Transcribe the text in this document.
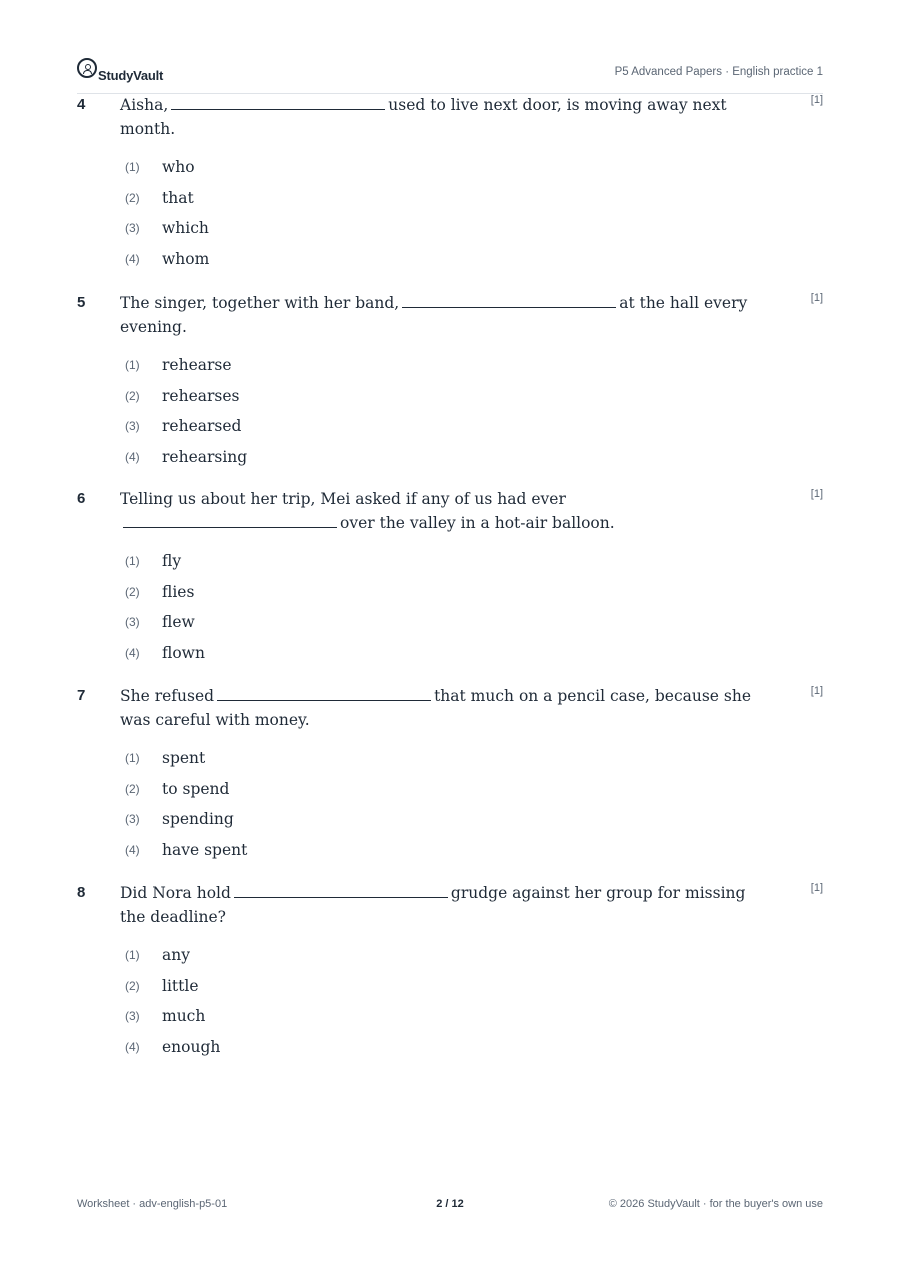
StudyVault	P5 Advanced Papers · English practice 1
4 Aisha,	used to live next door, is moving away next month.
[1]
(1)	who
(2)	that
(3)	which
(4)	whom
5 The singer, together with her band,	at the hall every evening.
[1]
(1)	rehearse
(2)	rehearses
(3)	rehearsed
(4)	rehearsing
6 Telling us about her trip, Mei asked if any of us had ever
over the valley in a hot-air balloon.
[1]
(1)	fly
(2)	flies
(3)	flew
(4)	flown
7 She refused	that much on a pencil case, because she was careful with money.
[1]
(1)	spent
(2)	to spend
(3)	spending
(4)	have spent
8 Did Nora hold	grudge against her group for missing the deadline?
[1]
(1)	any
(2)	little
(3)	much
(4)	enough
Worksheet · adv-english-p5-01	2 / 12	© 2026 StudyVault · for the buyer's own use
